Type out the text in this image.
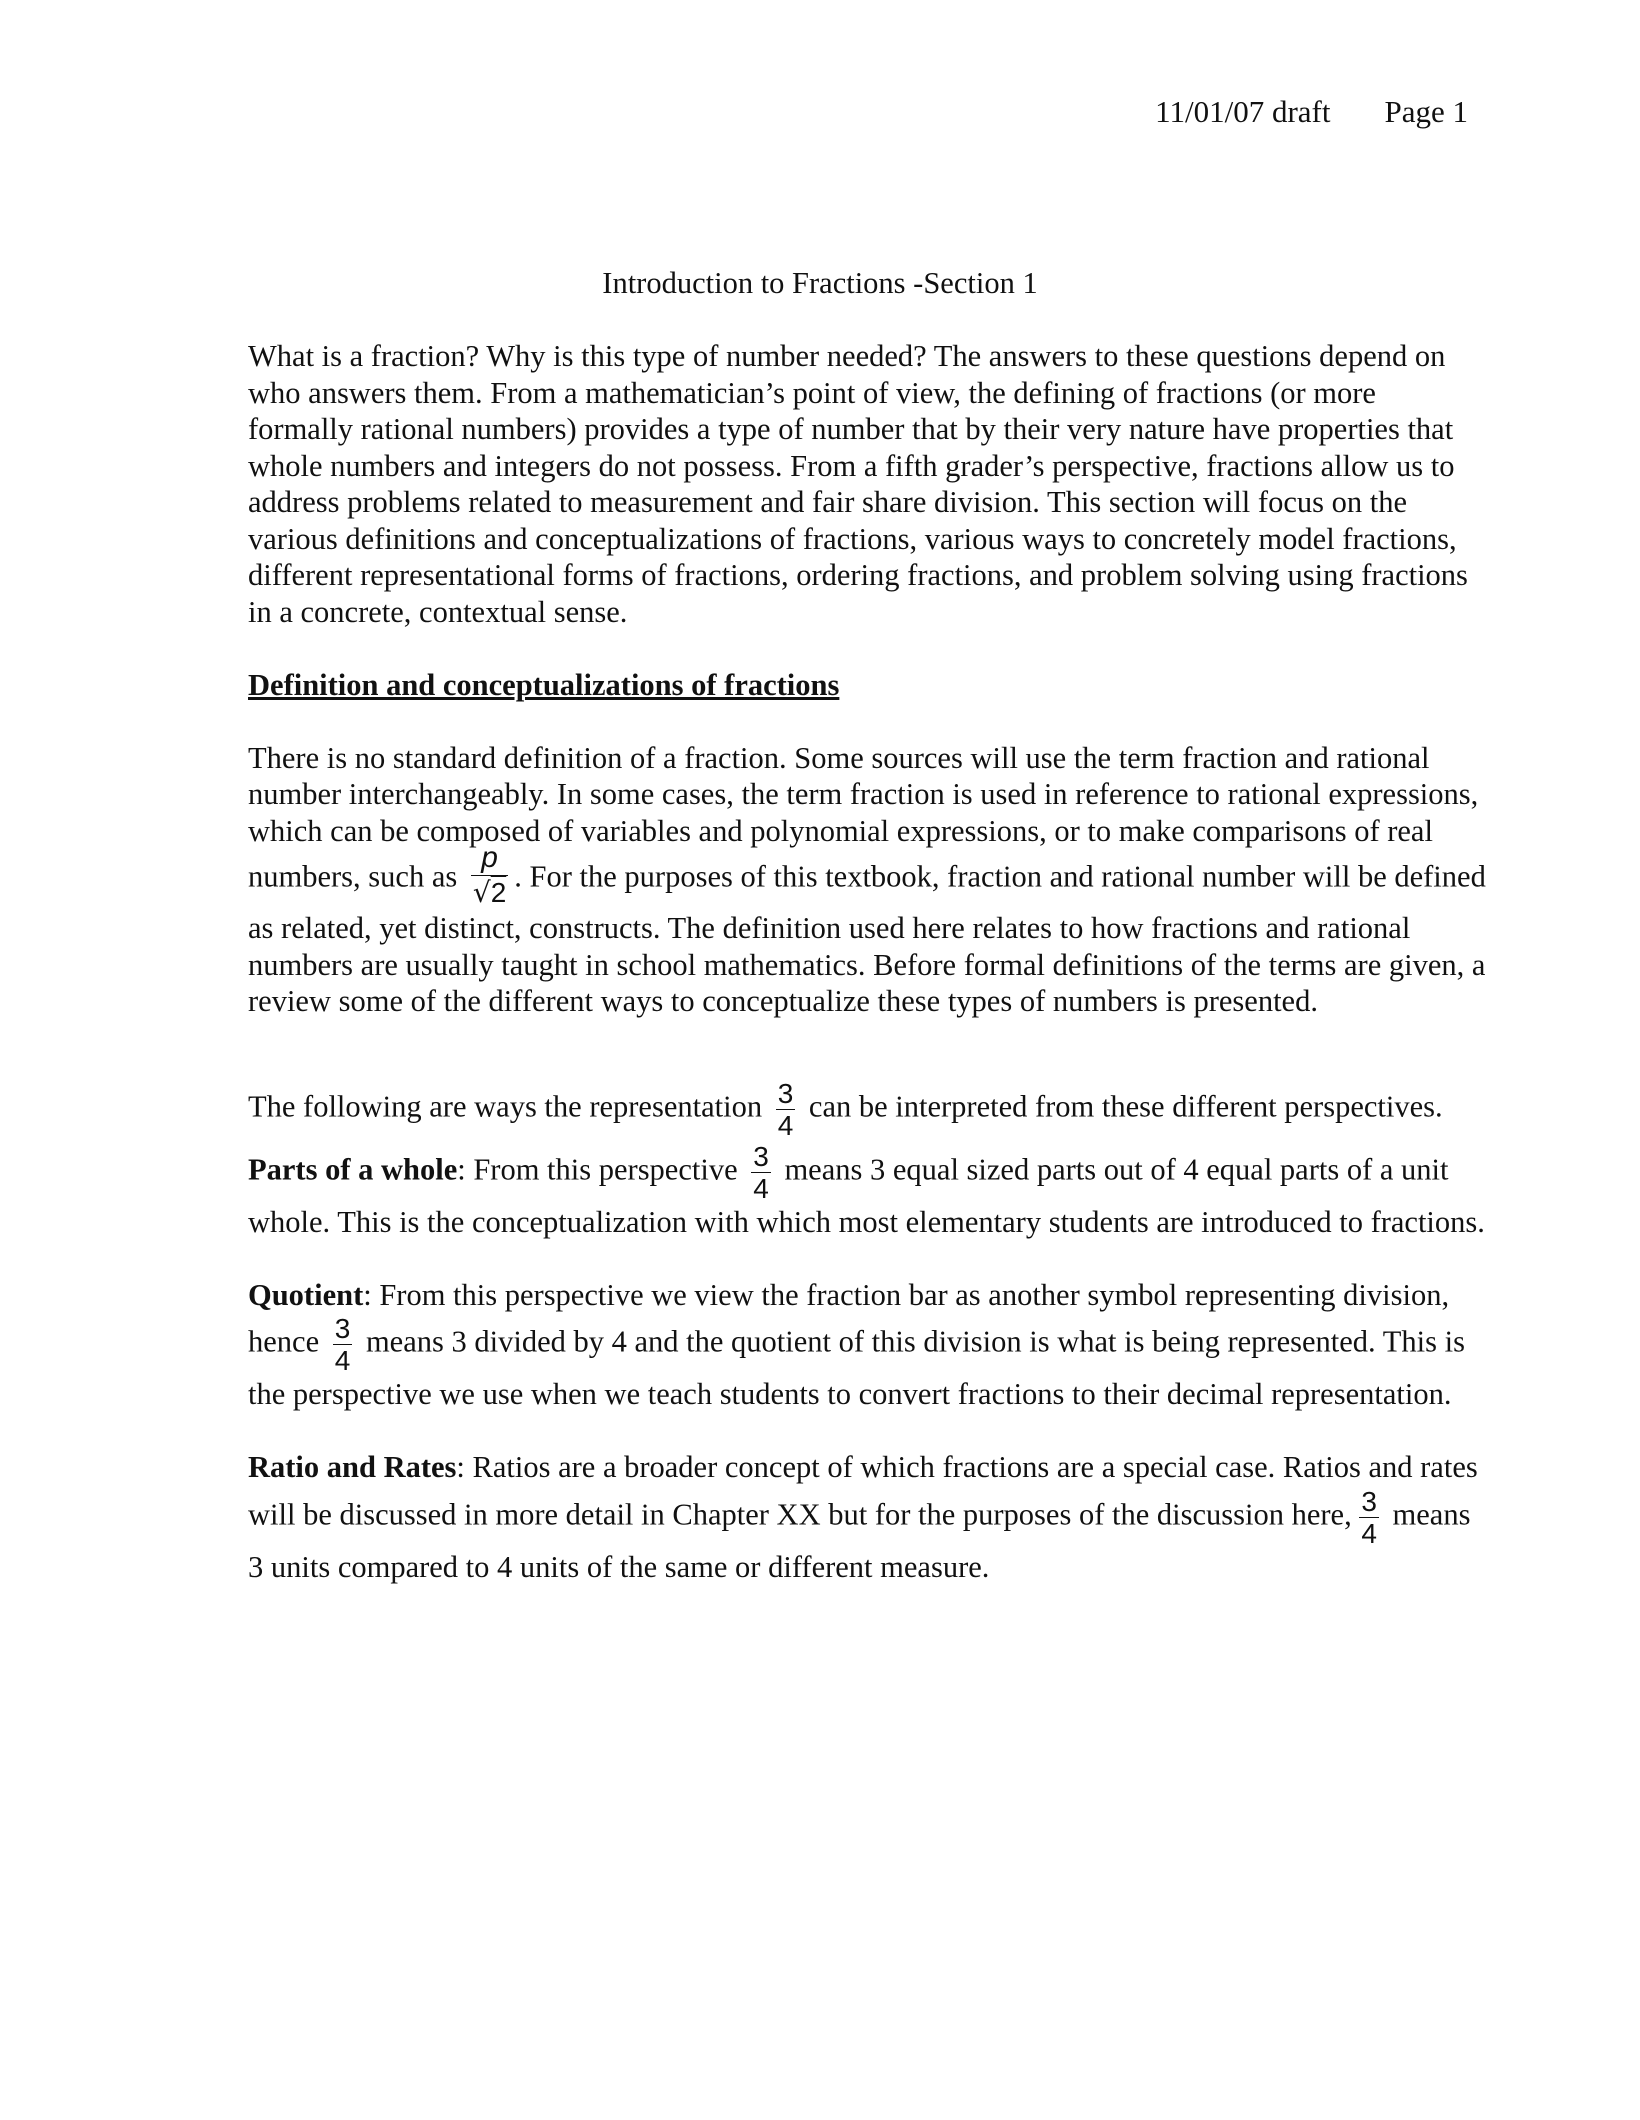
11/01/07 draft Page 1
Introduction to Fractions -Section 1

What is a fraction? Why is this type of number needed? The answers to these questions depend on who answers them. From a mathematician’s point of view, the defining of fractions (or more formally rational numbers) provides a type of number that by their very nature have properties that whole numbers and integers do not possess. From a fifth grader’s perspective, fractions allow us to address problems related to measurement and fair share division. This section will focus on the various definitions and conceptualizations of fractions, various ways to concretely model fractions, different representational forms of fractions, ordering fractions, and problem solving using fractions in a concrete, contextual sense.

Definition and conceptualizations of fractions

There is no standard definition of a fraction. Some sources will use the term fraction and rational number interchangeably. In some cases, the term fraction is used in reference to rational expressions, which can be composed of variables and polynomial expressions, or to make comparisons of real numbers, such as $\frac{p}{√2}$ . For the purposes of this textbook, fraction and rational number will be defined as related, yet distinct, constructs. The definition used here relates to how fractions and rational numbers are usually taught in school mathematics. Before formal definitions of the terms are given, a review some of the different ways to conceptualize these types of numbers is presented.

The following are ways the representation $\frac{3}{4}$ can be interpreted from these different perspectives.

Parts of a whole: From this perspective $\frac{3}{4}$ means 3 equal sized parts out of 4 equal parts of a unit whole. This is the conceptualization with which most elementary students are introduced to fractions.

Quotient: From this perspective we view the fraction bar as another symbol representing division, hence $\frac{3}{4}$ means 3 divided by 4 and the quotient of this division is what is being represented. This is the perspective we use when we teach students to convert fractions to their decimal representation.

Ratio and Rates: Ratios are a broader concept of which fractions are a special case. Ratios and rates will be discussed in more detail in Chapter XX but for the purposes of the discussion here, $\frac{3}{4}$ means 3 units compared to 4 units of the same or different measure.
